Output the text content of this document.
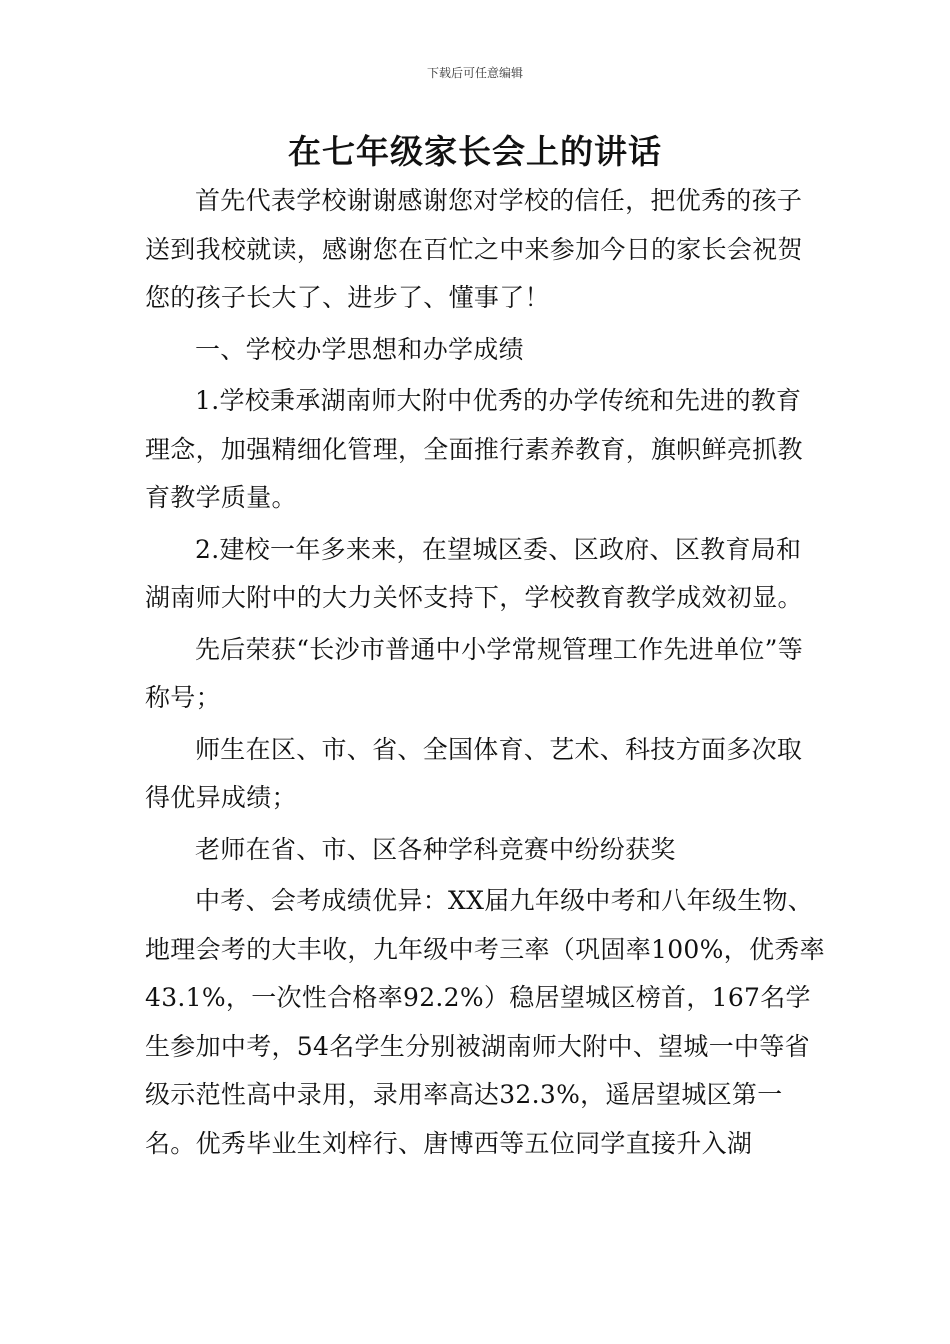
下载后可任意编辑
在七年级家长会上的讲话

首先代表学校谢谢感谢您对学校的信任，把优秀的孩子送到我校就读，感谢您在百忙之中来参加今日的家长会祝贺您的孩子长大了、进步了、懂事了！

一、学校办学思想和办学成绩

1.学校秉承湖南师大附中优秀的办学传统和先进的教育理念，加强精细化管理，全面推行素养教育，旗帜鲜亮抓教育教学质量。

2.建校一年多来来，在望城区委、区政府、区教育局和湖南师大附中的大力关怀支持下，学校教育教学成效初显。

先后荣获“长沙市普通中小学常规管理工作先进单位”等称号；

师生在区、市、省、全国体育、艺术、科技方面多次取得优异成绩；

老师在省、市、区各种学科竞赛中纷纷获奖

中考、会考成绩优异：XX届九年级中考和八年级生物、地理会考的大丰收，九年级中考三率（巩固率100%，优秀率43.1%，一次性合格率92.2%）稳居望城区榜首，167名学生参加中考，54名学生分别被湖南师大附中、望城一中等省级示范性高中录用，录用率高达32.3%，遥居望城区第一名。优秀毕业生刘梓行、唐博西等五位同学直接升入湖
